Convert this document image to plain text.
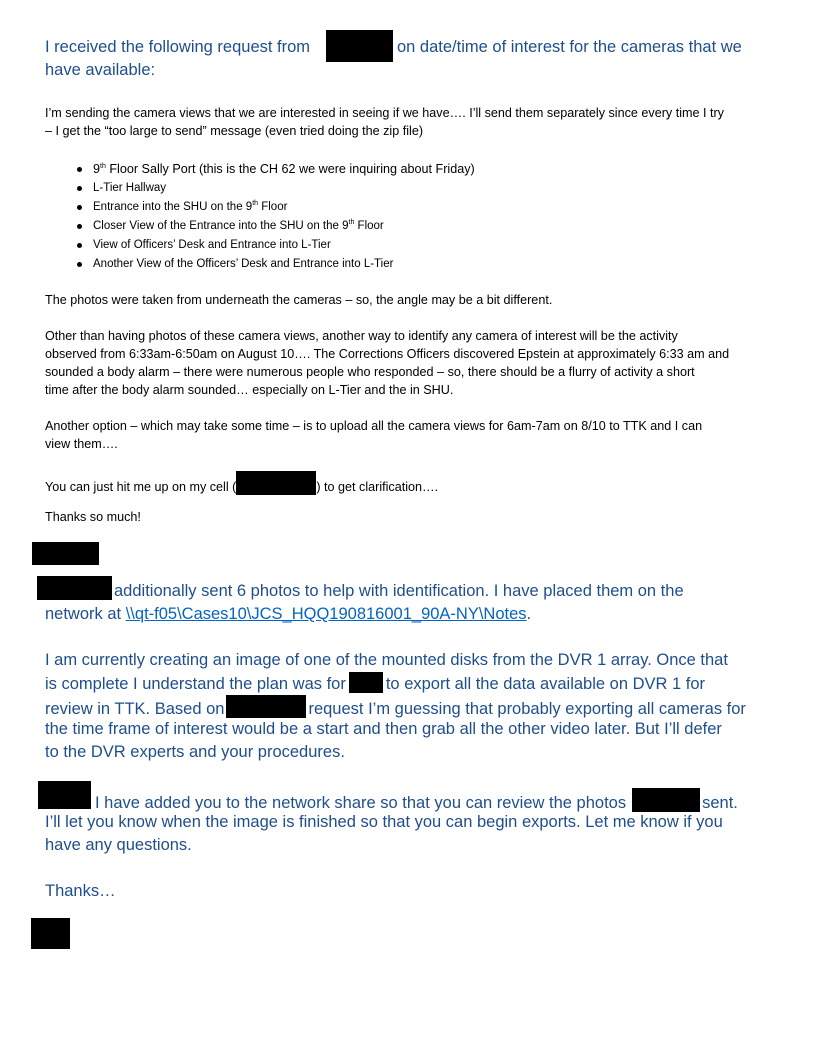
I received the following request from	on date/time of interest for the cameras that we
have available:
I’m sending the camera views that we are interested in seeing if we have…. I’ll send them separately since every time I try
– I get the “too large to send” message (even tried doing the zip file)
9th Floor Sally Port (this is the CH 62 we were inquiring about Friday)
L-Tier Hallway
Entrance into the SHU on the 9th Floor
Closer View of the Entrance into the SHU on the 9th Floor
View of Officers’ Desk and Entrance into L-Tier
Another View of the Officers’ Desk and Entrance into L-Tier
The photos were taken from underneath the cameras – so, the angle may be a bit different.
Other than having photos of these camera views, another way to identify any camera of interest will be the activity
observed from 6:33am-6:50am on August 10…. The Corrections Officers discovered Epstein at approximately 6:33 am and
sounded a body alarm – there were numerous people who responded – so, there should be a flurry of activity a short
time after the body alarm sounded… especially on L-Tier and the in SHU.
Another option – which may take some time – is to upload all the camera views for 6am-7am on 8/10 to TTK and I can
view them….
You can just hit me up on my cell (	) to get clarification….
Thanks so much!
additionally sent 6 photos to help with identification. I have placed them on the
network at \\qt-f05\Cases10\JCS_HQQ190816001_90A-NY\Notes.
I am currently creating an image of one of the mounted disks from the DVR 1 array. Once that
is complete I understand the plan was for to export all the data available on DVR 1 for
review in TTK. Based on	request I’m guessing that probably exporting all cameras for
the time frame of interest would be a start and then grab all the other video later. But I’ll defer
to the DVR experts and your procedures.
I have added you to the network share so that you can review the photos	sent.
I’ll let you know when the image is finished so that you can begin exports. Let me know if you
have any questions.
Thanks…
